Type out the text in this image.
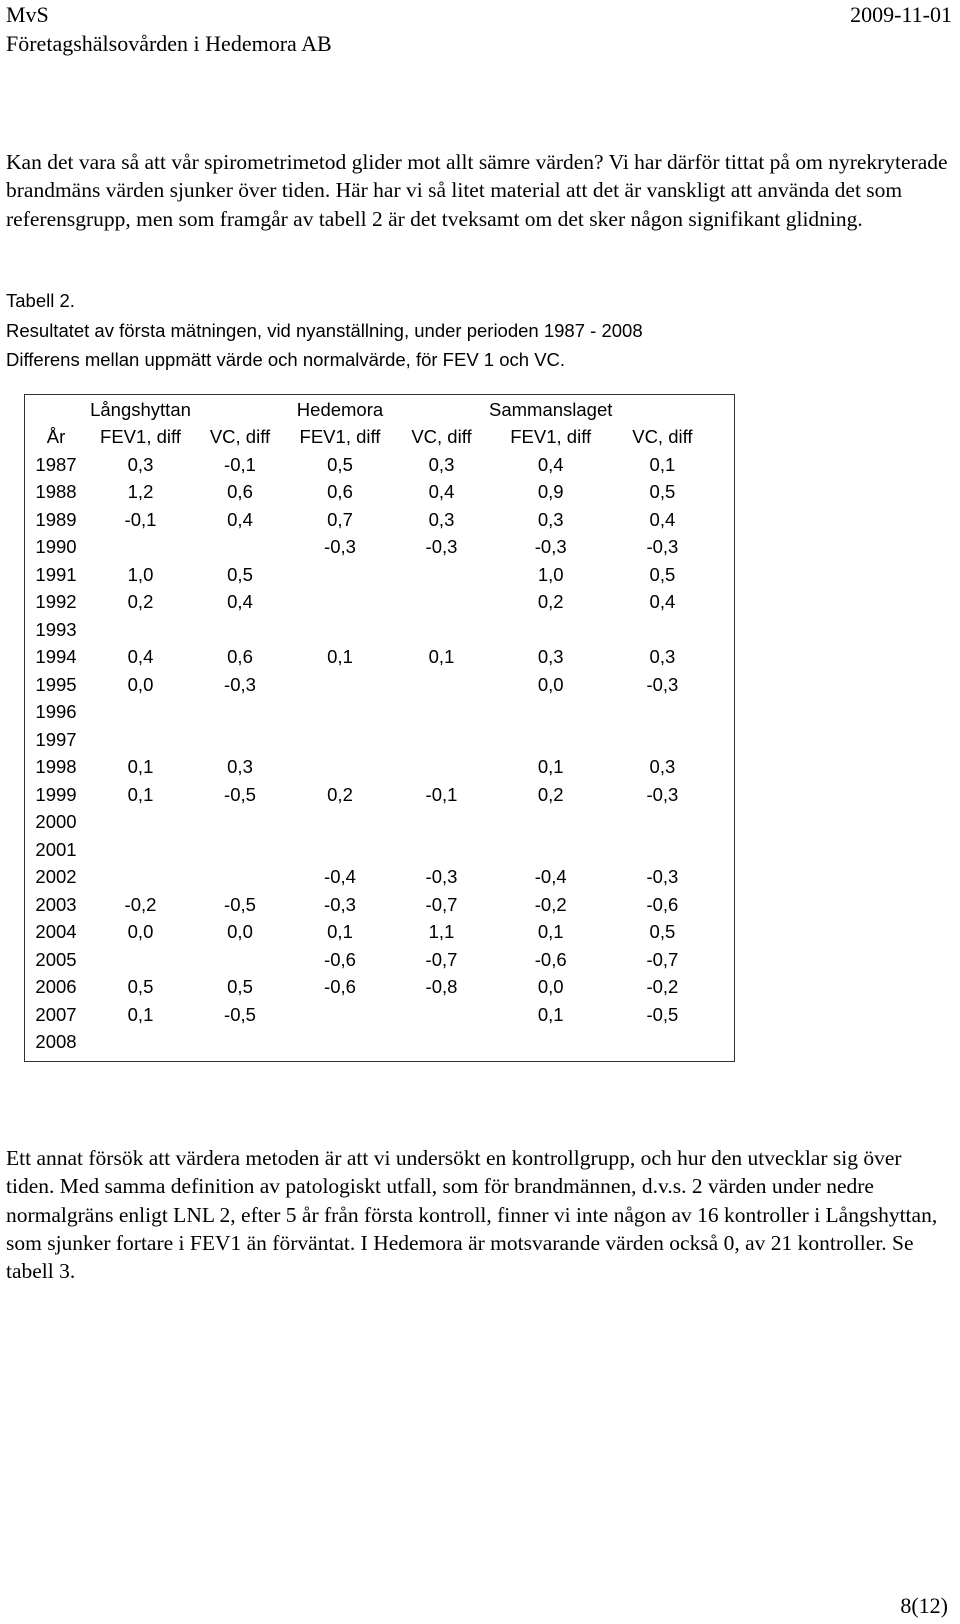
MvS
Företagshälsovården i Hedemora AB
2009-11-01

Kan det vara så att vår spirometrimetod glider mot allt sämre värden? Vi har därför tittat på om nyrekryterade brandmäns värden sjunker över tiden. Här har vi så litet material att det är vanskligt att använda det som referensgrupp, men som framgår av tabell 2 är det tveksamt om det sker någon signifikant glidning.

Tabell 2.
Resultatet av första mätningen, vid nyanställning, under perioden 1987 - 2008
Differens mellan uppmätt värde och normalvärde, för FEV 1 och VC.
	Långshyttan		Hedemora		Sammanslaget	
År	FEV1, diff	VC, diff	FEV1, diff	VC, diff	FEV1, diff	VC, diff
1987	0,3	-0,1	0,5	0,3	0,4	0,1
1988	1,2	0,6	0,6	0,4	0,9	0,5
1989	-0,1	0,4	0,7	0,3	0,3	0,4
1990			-0,3	-0,3	-0,3	-0,3
1991	1,0	0,5			1,0	0,5
1992	0,2	0,4			0,2	0,4
1993						
1994	0,4	0,6	0,1	0,1	0,3	0,3
1995	0,0	-0,3			0,0	-0,3
1996						
1997						
1998	0,1	0,3			0,1	0,3
1999	0,1	-0,5	0,2	-0,1	0,2	-0,3
2000						
2001						
2002			-0,4	-0,3	-0,4	-0,3
2003	-0,2	-0,5	-0,3	-0,7	-0,2	-0,6
2004	0,0	0,0	0,1	1,1	0,1	0,5
2005			-0,6	-0,7	-0,6	-0,7
2006	0,5	0,5	-0,6	-0,8	0,0	-0,2
2007	0,1	-0,5			0,1	-0,5
2008						

Ett annat försök att värdera metoden är att vi undersökt en kontrollgrupp, och hur den utvecklar sig över tiden. Med samma definition av patologiskt utfall, som för brandmännen, d.v.s. 2 värden under nedre normalgräns enligt LNL 2, efter 5 år från första kontroll, finner vi inte någon av 16 kontroller i Långshyttan, som sjunker fortare i FEV1 än förväntat. I Hedemora är motsvarande värden också 0, av 21 kontroller. Se tabell 3.

8(12)
